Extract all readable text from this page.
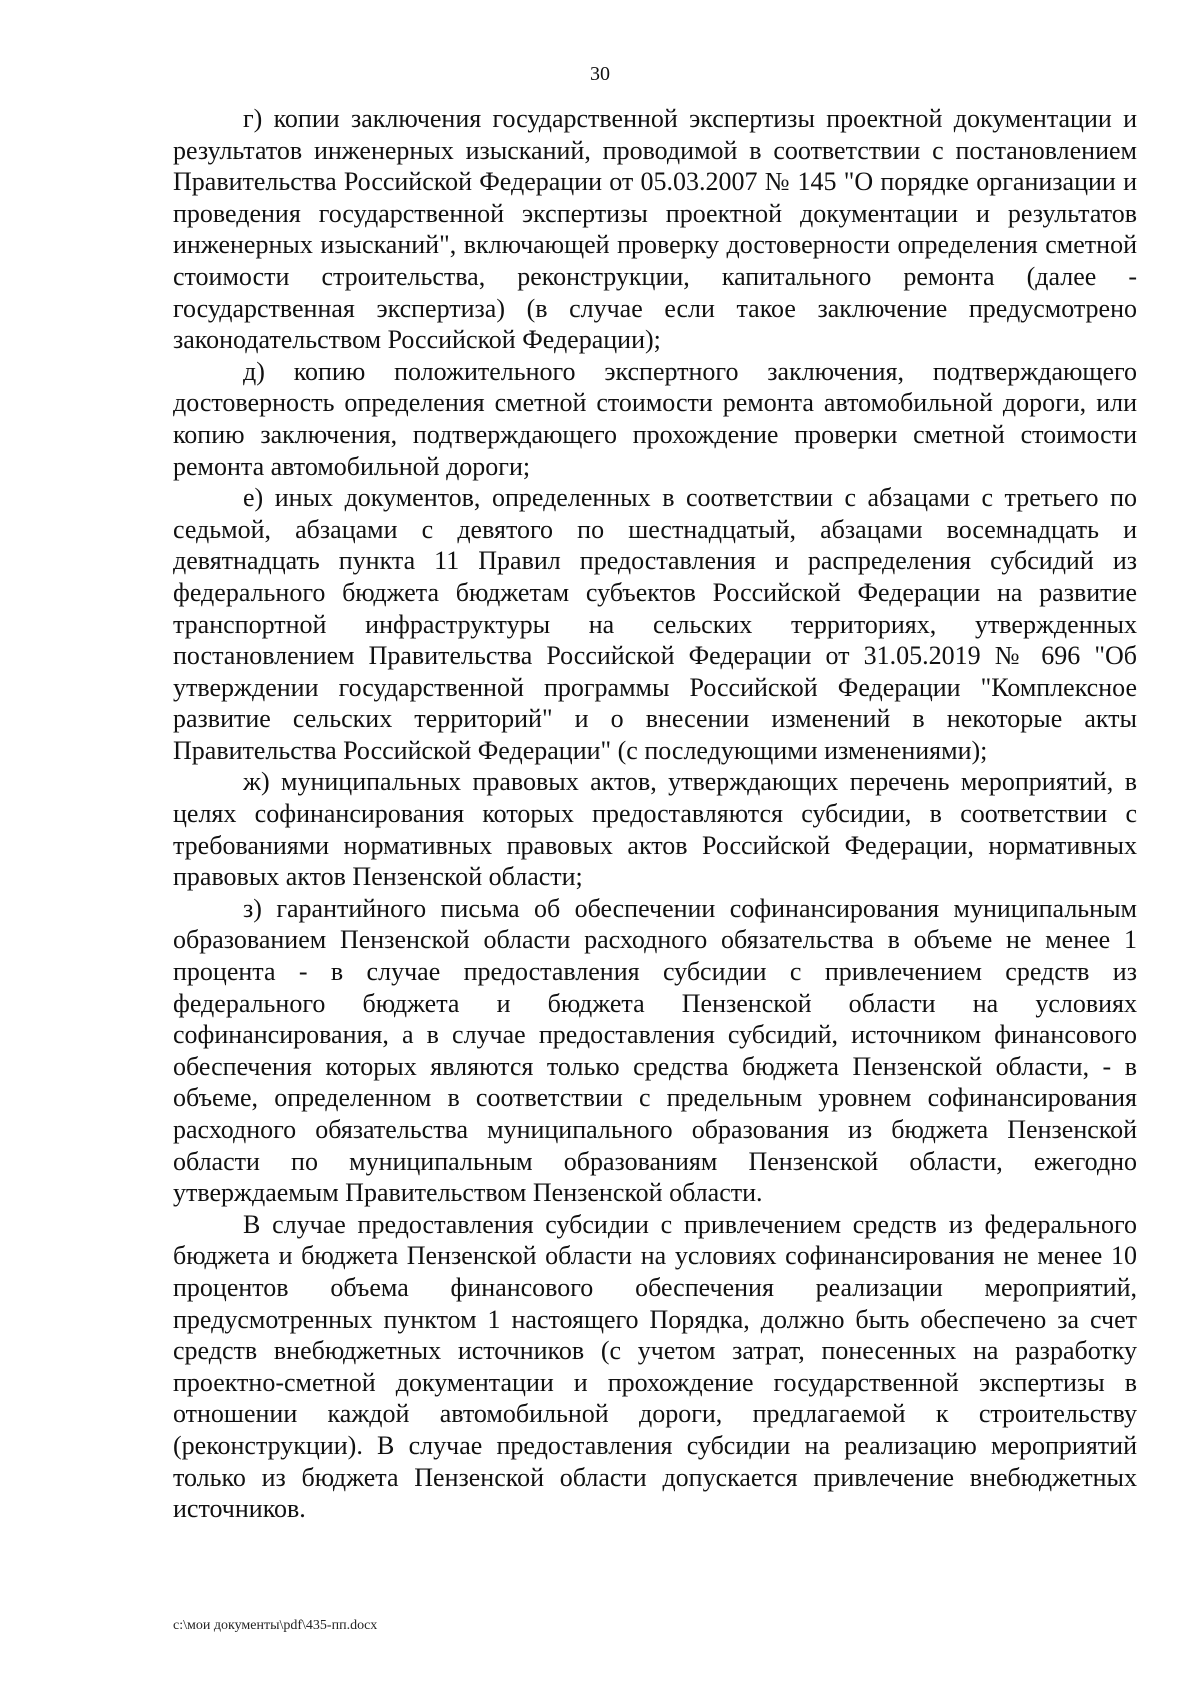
30

г) копии заключения государственной экспертизы проектной документации и результатов инженерных изысканий, проводимой в соответствии с постановлением Правительства Российской Федерации от 05.03.2007 № 145 "О порядке организации и проведения государственной экспертизы проектной документации и результатов инженерных изысканий", включающей проверку достоверности определения сметной стоимости строительства, реконструкции, капитального ремонта (далее - государственная экспертиза) (в случае если такое заключение предусмотрено законодательством Российской Федерации);

д) копию положительного экспертного заключения, подтверждающего достоверность определения сметной стоимости ремонта автомобильной дороги, или копию заключения, подтверждающего прохождение проверки сметной стоимости ремонта автомобильной дороги;

е) иных документов, определенных в соответствии с абзацами с третьего по седьмой, абзацами с девятого по шестнадцатый, абзацами восемнадцать и девятнадцать пункта 11 Правил предоставления и распределения субсидий из федерального бюджета бюджетам субъектов Российской Федерации на развитие транспортной инфраструктуры на сельских территориях, утвержденных постановлением Правительства Российской Федерации от 31.05.2019 № 696 "Об утверждении государственной программы Российской Федерации "Комплексное развитие сельских территорий" и о внесении изменений в некоторые акты Правительства Российской Федерации" (с последующими изменениями);

ж) муниципальных правовых актов, утверждающих перечень мероприятий, в целях софинансирования которых предоставляются субсидии, в соответствии с требованиями нормативных правовых актов Российской Федерации, нормативных правовых актов Пензенской области;

з) гарантийного письма об обеспечении софинансирования муниципальным образованием Пензенской области расходного обязательства в объеме не менее 1 процента - в случае предоставления субсидии с привлечением средств из федерального бюджета и бюджета Пензенской области на условиях софинансирования, а в случае предоставления субсидий, источником финансового обеспечения которых являются только средства бюджета Пензенской области, - в объеме, определенном в соответствии с предельным уровнем софинансирования расходного обязательства муниципального образования из бюджета Пензенской области по муниципальным образованиям Пензенской области, ежегодно утверждаемым Правительством Пензенской области.

В случае предоставления субсидии с привлечением средств из федерального бюджета и бюджета Пензенской области на условиях софинансирования не менее 10 процентов объема финансового обеспечения реализации мероприятий, предусмотренных пунктом 1 настоящего Порядка, должно быть обеспечено за счет средств внебюджетных источников (с учетом затрат, понесенных на разработку проектно-сметной документации и прохождение государственной экспертизы в отношении каждой автомобильной дороги, предлагаемой к строительству (реконструкции). В случае предоставления субсидии на реализацию мероприятий только из бюджета Пензенской области допускается привлечение внебюджетных источников.

c:\мои документы\pdf\435-пп.docx
